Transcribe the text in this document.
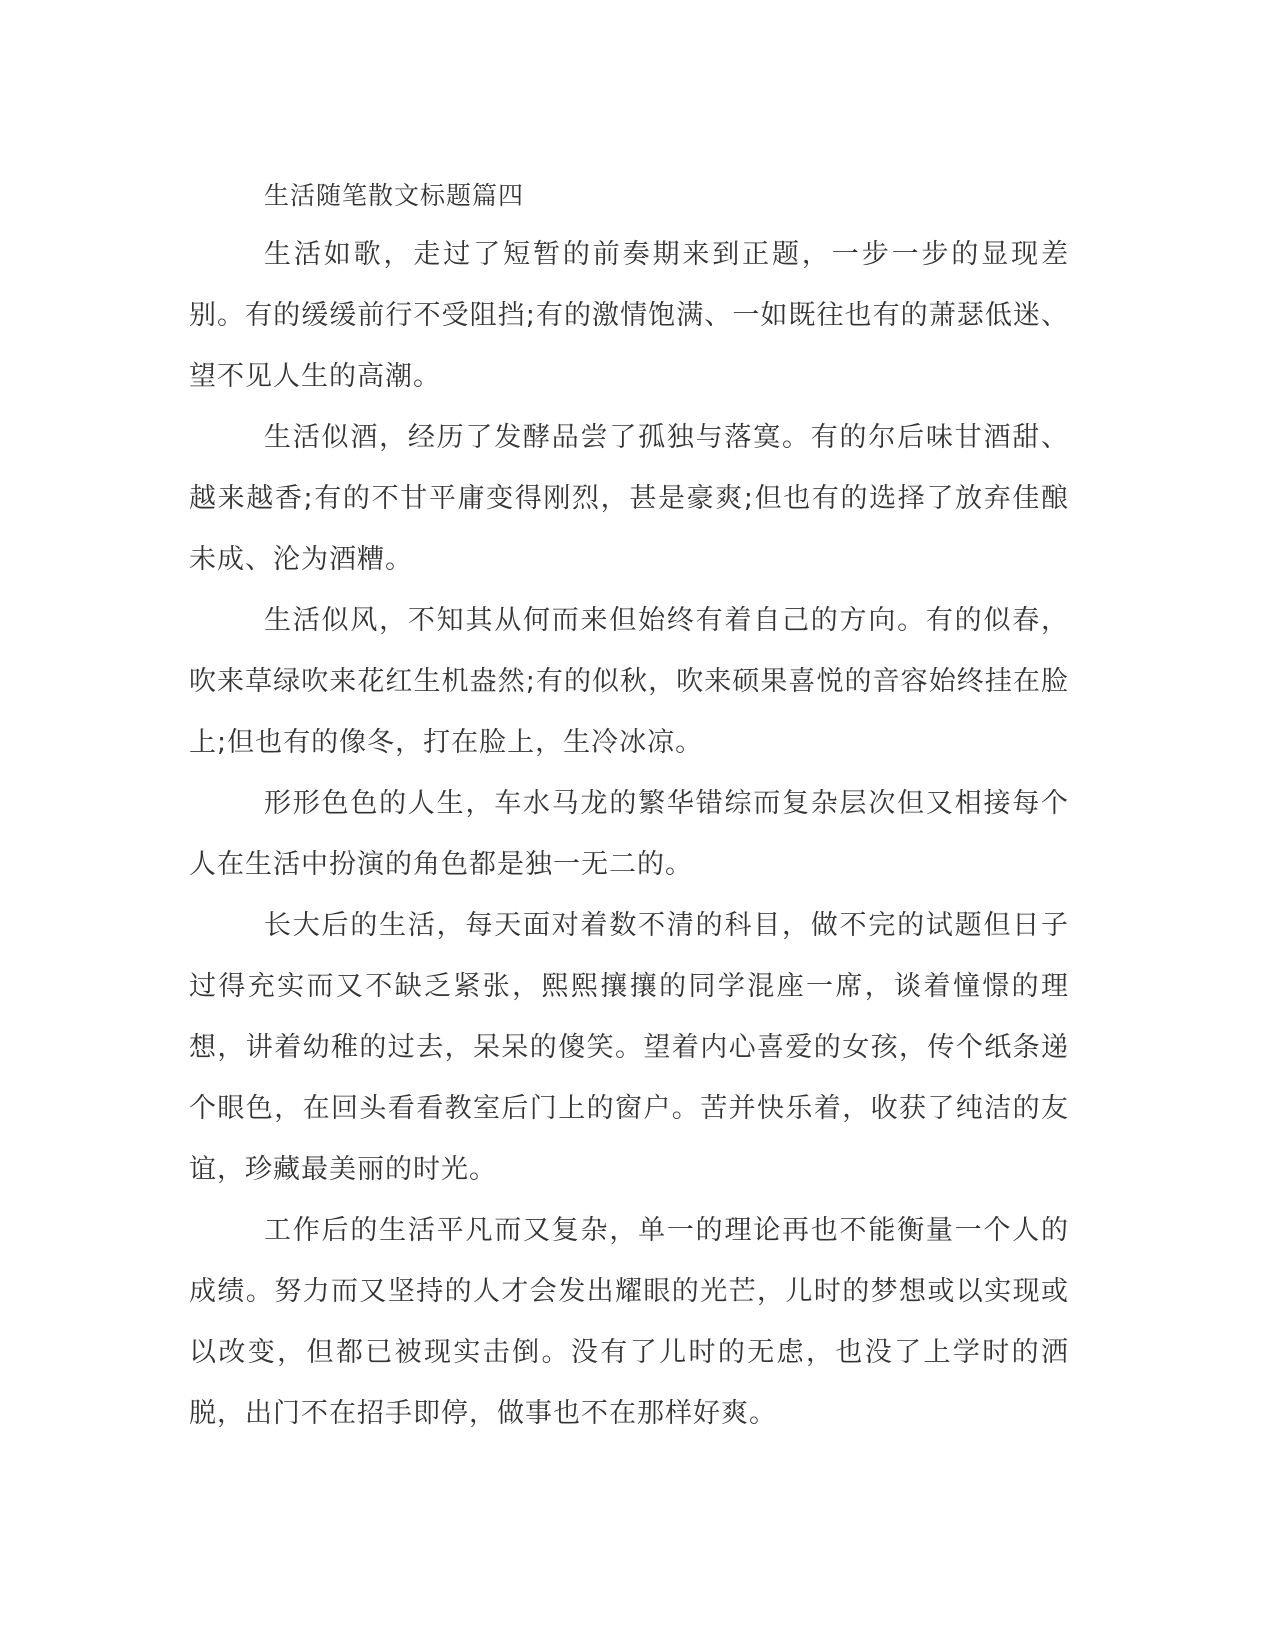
生活随笔散文标题篇四

生活如歌，走过了短暂的前奏期来到正题，一步一步的显现差别。有的缓缓前行不受阻挡;有的激情饱满、一如既往也有的萧瑟低迷、望不见人生的高潮。

生活似酒，经历了发酵品尝了孤独与落寞。有的尔后味甘酒甜、越来越香;有的不甘平庸变得刚烈，甚是豪爽;但也有的选择了放弃佳酿未成、沦为酒糟。

生活似风，不知其从何而来但始终有着自己的方向。有的似春，吹来草绿吹来花红生机盎然;有的似秋，吹来硕果喜悦的音容始终挂在脸上;但也有的像冬，打在脸上，生冷冰凉。

形形色色的人生，车水马龙的繁华错综而复杂层次但又相接每个人在生活中扮演的角色都是独一无二的。

长大后的生活，每天面对着数不清的科目，做不完的试题但日子过得充实而又不缺乏紧张，熙熙攘攘的同学混座一席，谈着憧憬的理想，讲着幼稚的过去，呆呆的傻笑。望着内心喜爱的女孩，传个纸条递个眼色，在回头看看教室后门上的窗户。苦并快乐着，收获了纯洁的友谊，珍藏最美丽的时光。

工作后的生活平凡而又复杂，单一的理论再也不能衡量一个人的成绩。努力而又坚持的人才会发出耀眼的光芒，儿时的梦想或以实现或以改变，但都已被现实击倒。没有了儿时的无虑，也没了上学时的洒脱，出门不在招手即停，做事也不在那样好爽。
